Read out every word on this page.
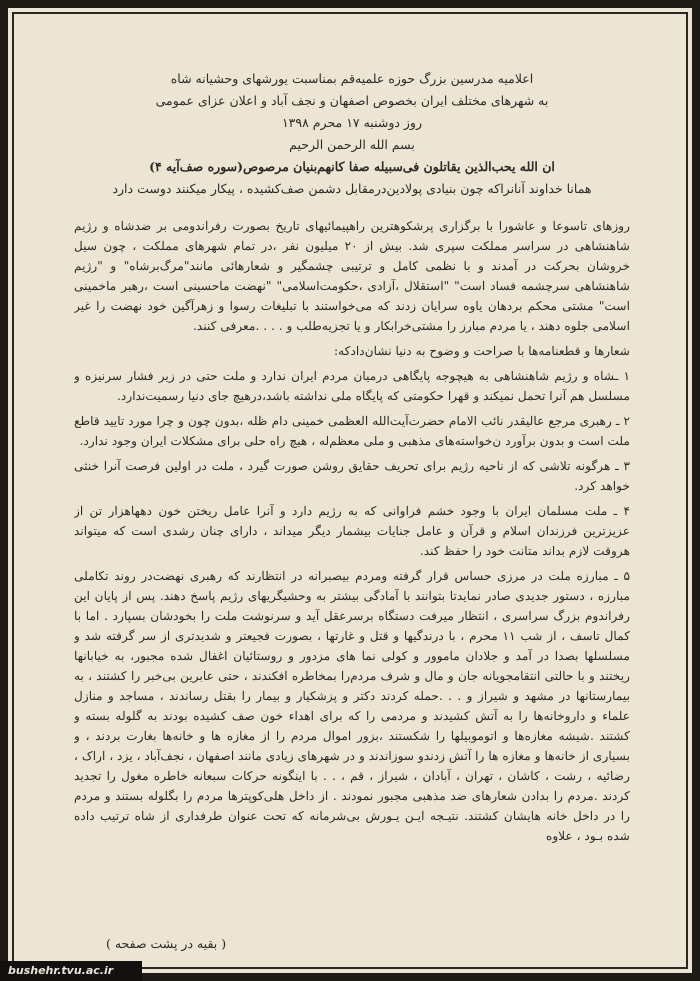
اعلامیه مدرسین بزرگ حوزه علمیه‌قم بمناسبت یورشهای وحشیانه شاه
به شهرهای مختلف ایران بخصوص اصفهان و نجف آباد و اعلان عزای عمومی
روز دوشنبه ۱۷ محرم ۱۳۹۸
بسم الله الرحمن الرحیم
ان الله یحب‌الذین یقاتلون فی‌سبیله صفا کانهم‌بنیان مرصوص(سوره صف‌آیه ۴)
همانا خداوند آنانراکه چون بنیادی پولادین‌درمقابل دشمن صف‌کشیده ، پیکار میکنند دوست دارد

روزهای تاسوعا و عاشورا با برگزاری پرشکوهترین راهپیمائیهای تاریخ بصورت رفراندومی بر ضدشاه و رژیم شاهنشاهی در سراسر مملکت سپری شد. بیش از ۲۰ میلیون نفر ،در تمام شهرهای مملکت ، چون سیل خروشان بحرکت در آمدند و با نظمی کامل و ترتیبی چشمگیر و شعارهائی مانند"مرگ‌برشاه" و "رژیم شاهنشاهی سرچشمه فساد است" "استقلال ،آزادی ،حکومت‌اسلامی" "نهضت ماحسینی است ،رهبر ماخمینی است" مشتی محکم بردهان یاوه سرایان زدند که می‌خواستند با تبلیغات رسوا و زهرآگین خود نهضت را غیر اسلامی جلوه دهند ، یا مردم مبارز را مشتی‌خرابکار و یا تجزیه‌طلب و . . . .معرفی کنند.

شعارها و قطعنامه‌ها با صراحت و وضوح به دنیا نشان‌دادکه:

۱ ـشاه و رژیم شاهنشاهی به هیچوجه پایگاهی درمیان مردم ایران ندارد و ملت حتی در زیر فشار سرنیزه و مسلسل هم آنرا تحمل نمیکند و قهرا حکومتی که پایگاه ملی نداشته باشد،درهیچ جای دنیا رسمیت‌ندارد.

۲ ـ رهبری مرجع عالیقدر نائب الامام حضرت‌آیت‌الله العظمی خمینی دام ظله ،بدون چون و چرا مورد تایید قاطع ملت است و بدون برآورد ن‌خواسته‌های مذهبی و ملی معظم‌له ، هیچ راه حلی برای مشکلات ایران وجود ندارد.

۳ ـ هرگونه تلاشی که از ناحیه رژیم برای تحریف حقایق روشن صورت گیرد ، ملت در اولین فرصت آنرا خنثی خواهد کرد.

۴ ـ ملت مسلمان ایران با وجود خشم فراوانی که به رژیم دارد و آنرا عامل ریختن خون دهها‌هزار تن از عزیزترین فرزندان اسلام و قرآن و عامل جنایات بیشمار دیگر میداند ، دارای چنان رشدی است که میتواند هروقت لازم بداند متانت خود را حفظ کند.

۵ ـ مبارزه ملت در مرزی حساس قرار گرفته ومردم بیصبرانه در انتظارند که رهبری نهضت‌در روند تکاملی مبارزه ، دستور جدیدی صادر نمایدتا بتوانند با آمادگی بیشتر به وحشیگریهای رژیم پاسخ دهند. پس از پایان این رفراندوم بزرگ سراسری ، انتظار میرفت دستگاه برسرعقل آید و سرنوشت ملت را بخودشان بسپارد . اما با کمال تاسف ، از شب ۱۱ محرم ، با درندگیها و قتل و غارتها ، بصورت فجیعتر و شدیدتری از سر گرفته شد و مسلسلها بصدا در آمد و جلادان ماموور و کولی نما های مزدور و روستائیان اغفال شده مجبور، به خیابانها ریختند و با حالتی انتقامجویانه جان و مال و شرف مردم‌را بمخاطره افکندند ، حتی عابرین بی‌خبر را کشتند ، به بیمارستانها در مشهد و شیراز و . . .حمله کردند دکتر و پزشکیار و بیمار را بقتل رساندند ، مساجد و منازل علماء و داروخانه‌ها را به آتش کشیدند و مردمی را که برای اهداء خون صف کشیده بودند به گلوله بسته و کشتند .شیشه مغازه‌ها و اتوموبیلها را شکستند ،بزور اموال مردم را از مغازه ها و خانه‌ها بغارت بردند ، و بسیاری از خانه‌ها و مغازه ها را آتش زدندو سوزاندند و در شهرهای زیادی مانند اصفهان ، نجف‌آباد ، یزد ، اراک ، رضائیه ، رشت ، کاشان ، تهران ، آبادان ، شیراز ، قم ، . . با اینگونه حرکات سبعانه خاطره مغول را تجدید کردند .مردم را بدادن شعارهای ضد مذهبی مجبور نمودند . از داخل هلی‌کوپترها مردم را بگلوله بستند و مردم را در داخل خانه هایشان کشتند. نتیـجه ایـن یـورش بی‌شرمانه که تحت عنوان طرفداری از شاه ترتیب داده شده بـود ، علاوه

( بقیه در پشت صفحه )
bushehr.tvu.ac.ir
